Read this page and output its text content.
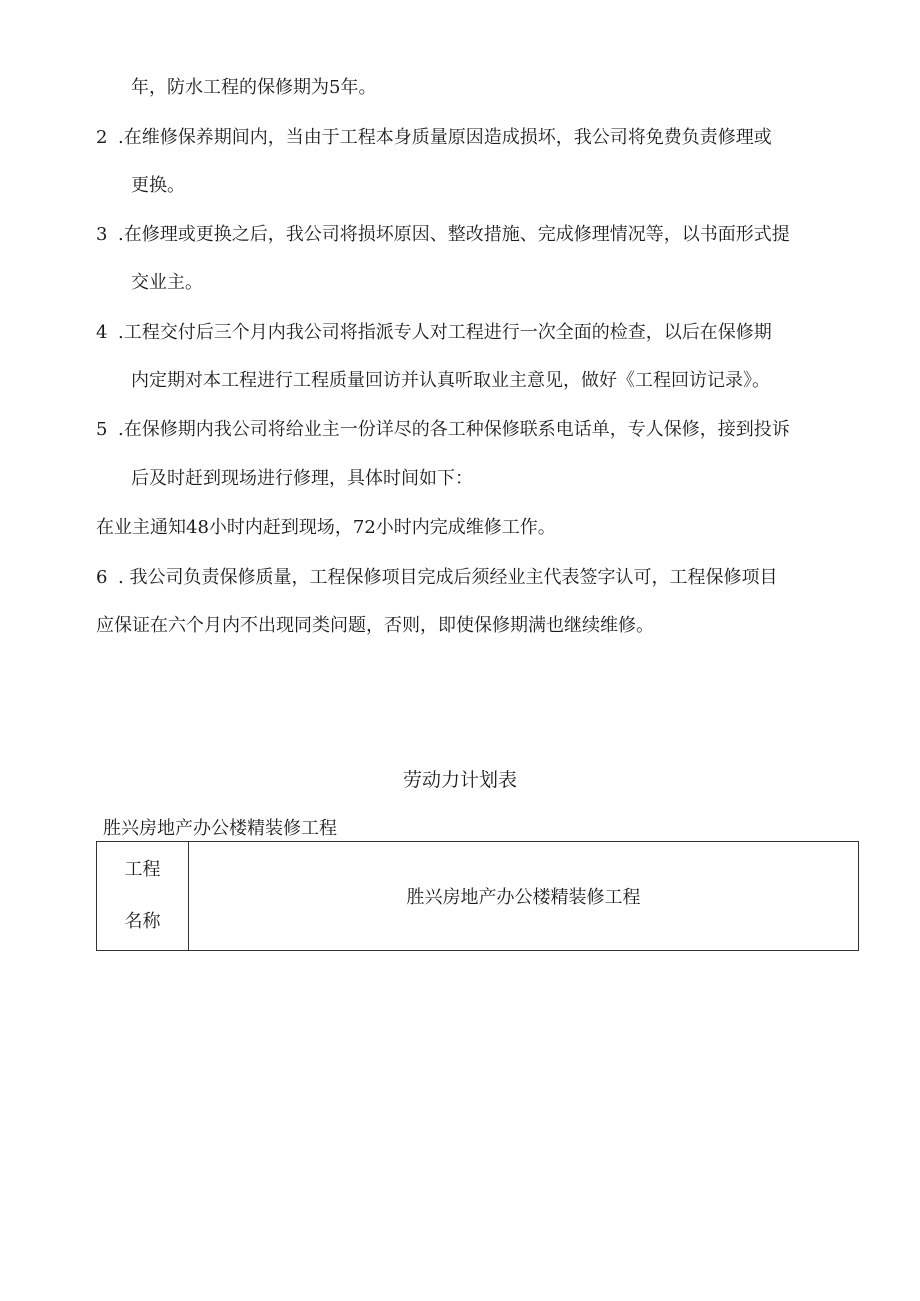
年，防水工程的保修期为5年。
2 .在维修保养期间内，当由于工程本身质量原因造成损坏，我公司将免费负责修理或
更换。
3 .在修理或更换之后，我公司将损坏原因、整改措施、完成修理情况等，以书面形式提
交业主。
4 .工程交付后三个月内我公司将指派专人对工程进行一次全面的检查，以后在保修期
内定期对本工程进行工程质量回访并认真听取业主意见，做好《工程回访记录》。
5 .在保修期内我公司将给业主一份详尽的各工种保修联系电话单，专人保修，接到投诉
后及时赶到现场进行修理，具体时间如下：
在业主通知48小时内赶到现场，72小时内完成维修工作。
6 . 我公司负责保修质量，工程保修项目完成后须经业主代表签字认可，工程保修项目
应保证在六个月内不出现同类问题，否则，即使保修期满也继续维修。
劳动力计划表
胜兴房地产办公楼精装修工程
工程
名称
	胜兴房地产办公楼精装修工程
